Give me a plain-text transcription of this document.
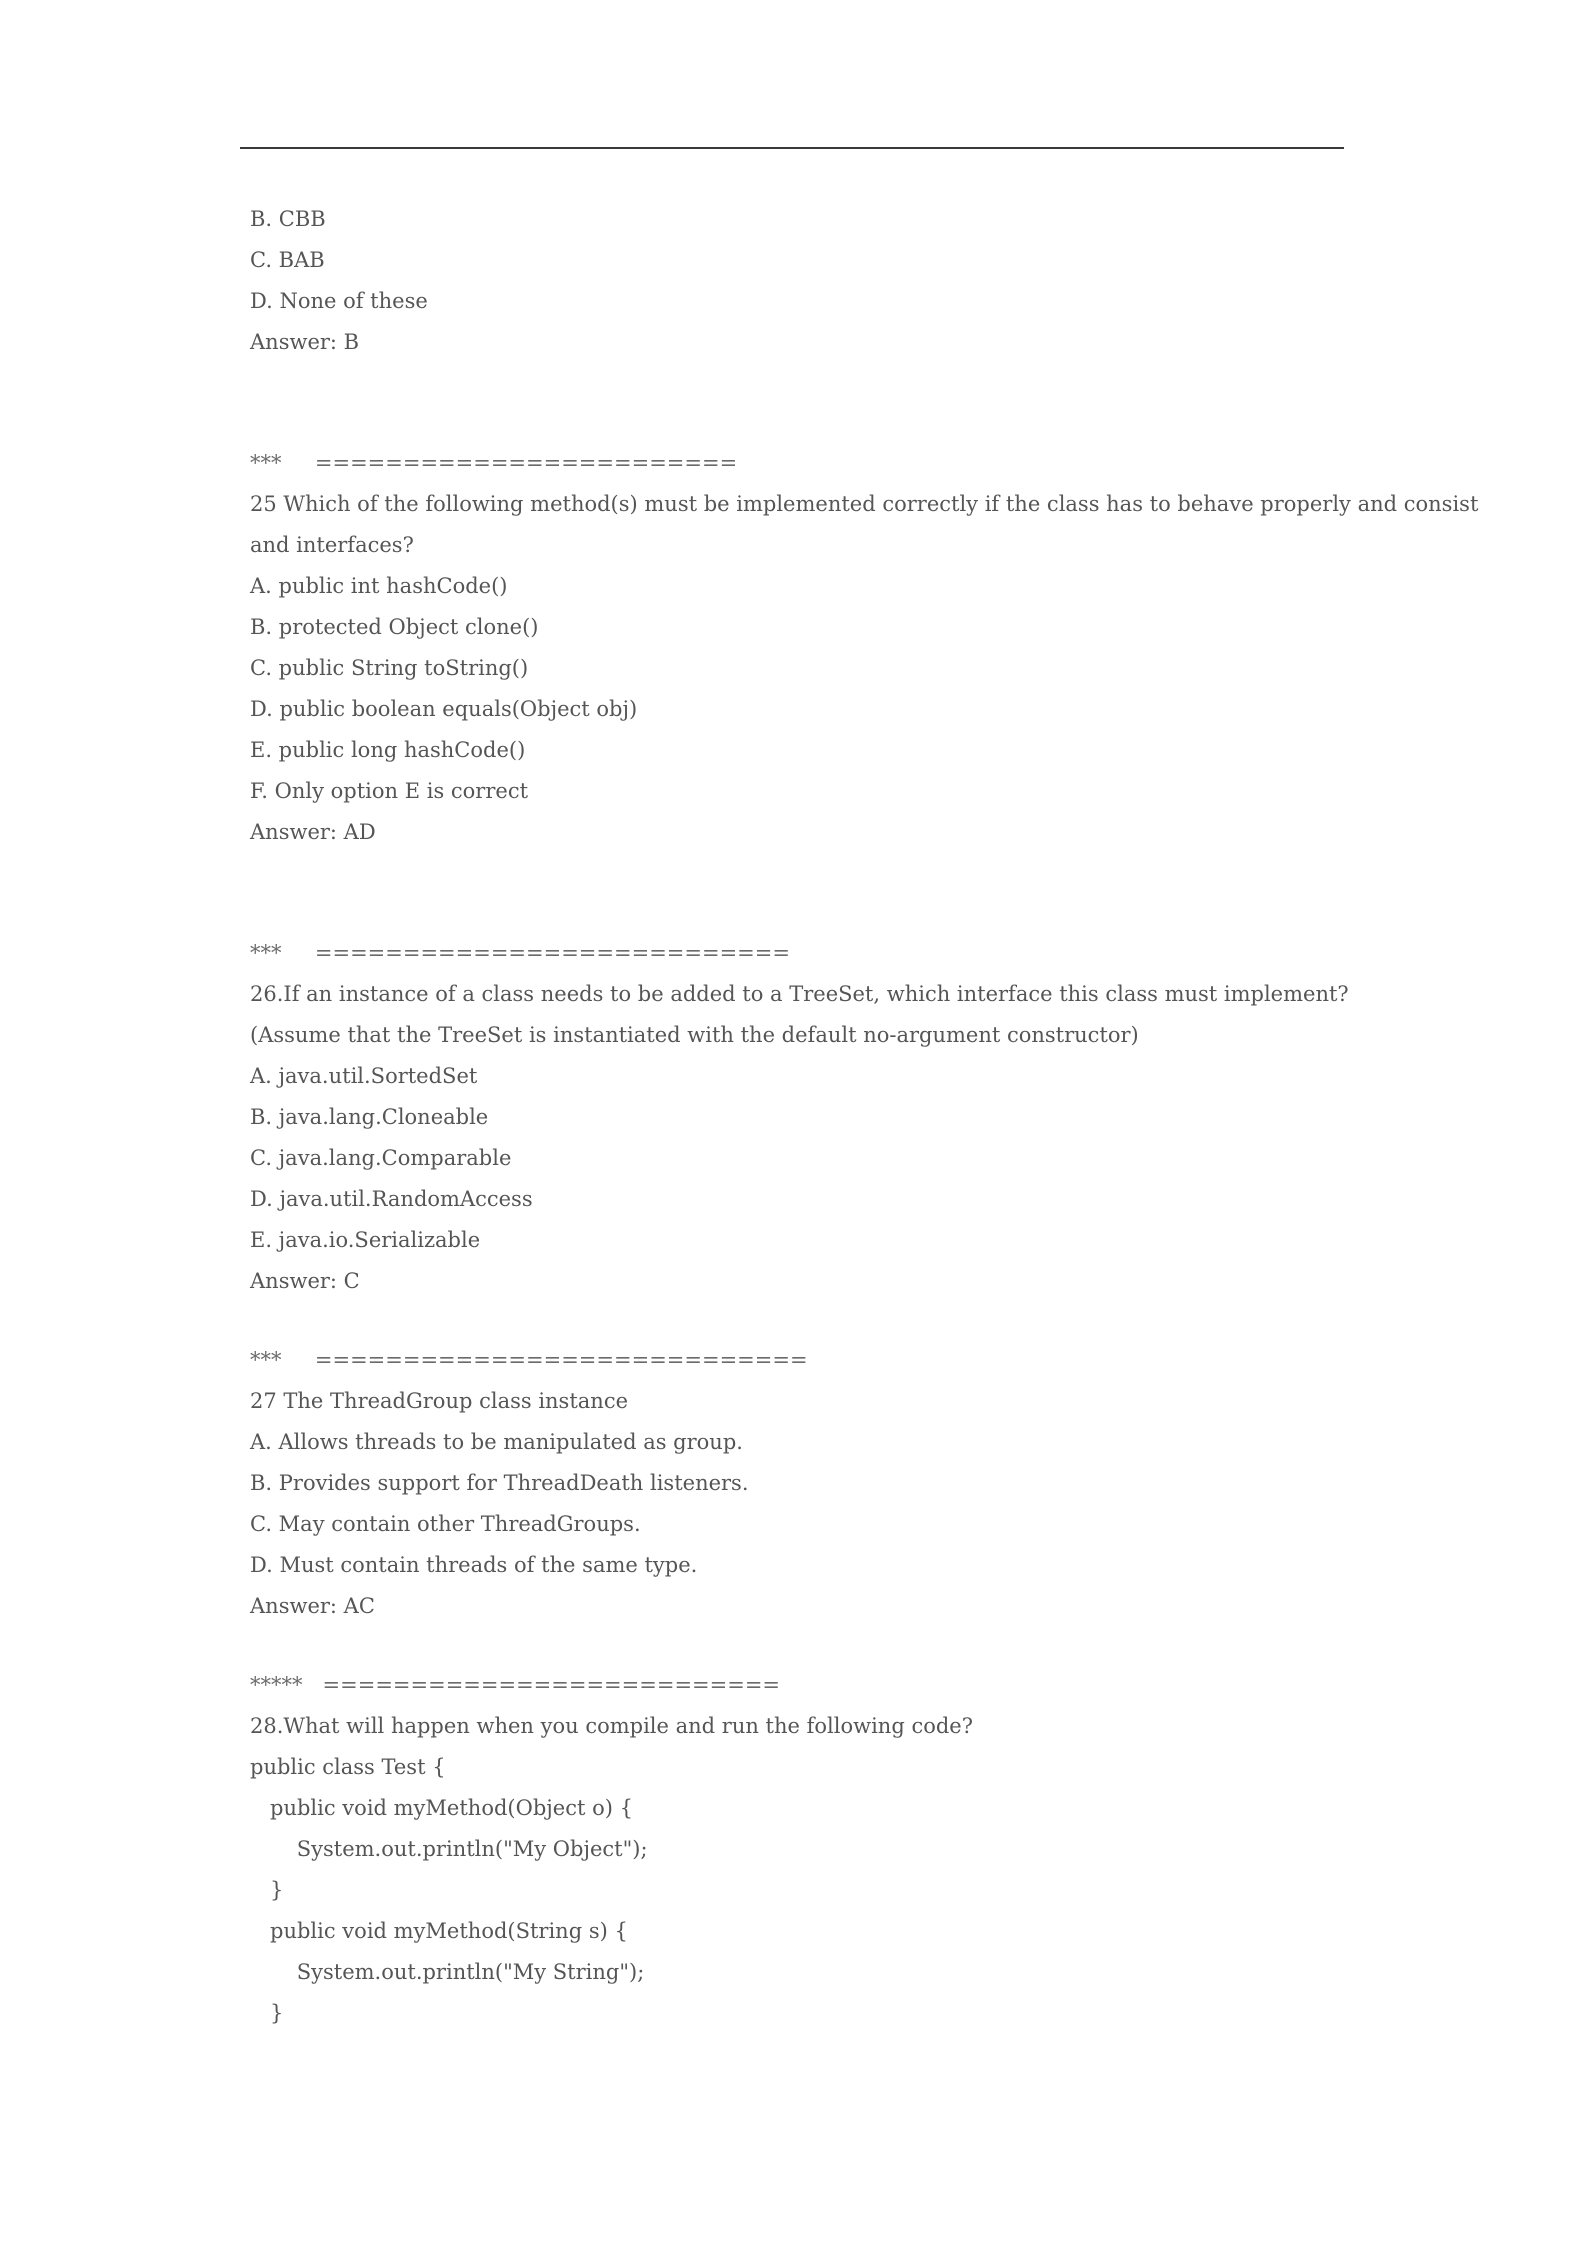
B. CBB
C. BAB
D. None of these
Answer: B
***     ========================
25 Which of the following method(s) must be implemented correctly if the class has to behave properly and consist
and interfaces?
A. public int hashCode()
B. protected Object clone()
C. public String toString()
D. public boolean equals(Object obj)
E. public long hashCode()
F. Only option E is correct
Answer: AD
***     ===========================
26.If an instance of a class needs to be added to a TreeSet, which interface this class must implement?
(Assume that the TreeSet is instantiated with the default no-argument constructor)
A. java.util.SortedSet
B. java.lang.Cloneable
C. java.lang.Comparable
D. java.util.RandomAccess
E. java.io.Serializable
Answer: C
***     ============================
27 The ThreadGroup class instance
A. Allows threads to be manipulated as group.
B. Provides support for ThreadDeath listeners.
C. May contain other ThreadGroups.
D. Must contain threads of the same type.
Answer: AC
*****   ==========================
28.What will happen when you compile and run the following code?
public class Test {
public void myMethod(Object o) {
System.out.println("My Object");
}
public void myMethod(String s) {
System.out.println("My String");
}
